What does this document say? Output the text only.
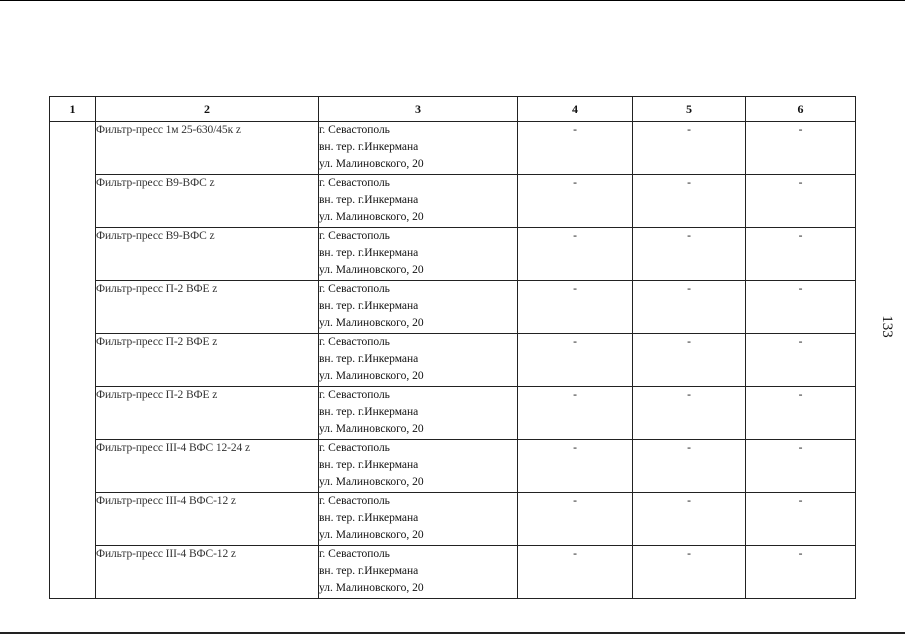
1	2	3	4	5	6
	Фильтр-пресс 1м 25-630/45к z	г. Севастополь
вн. тер. г.Инкермана
ул. Малиновского, 20	-	-	-
	Фильтр-пресс В9-ВФС z	г. Севастополь
вн. тер. г.Инкермана
ул. Малиновского, 20	-	-	-
	Фильтр-пресс В9-ВФС z	г. Севастополь
вн. тер. г.Инкермана
ул. Малиновского, 20	-	-	-
	Фильтр-пресс П-2 ВФЕ z	г. Севастополь
вн. тер. г.Инкермана
ул. Малиновского, 20	-	-	-
	Фильтр-пресс П-2 ВФЕ z	г. Севастополь
вн. тер. г.Инкермана
ул. Малиновского, 20	-	-	-
	Фильтр-пресс П-2 ВФЕ z	г. Севастополь
вн. тер. г.Инкермана
ул. Малиновского, 20	-	-	-
	Фильтр-пресс III-4 ВФС 12-24 z	г. Севастополь
вн. тер. г.Инкермана
ул. Малиновского, 20	-	-	-
	Фильтр-пресс III-4 ВФС-12 z	г. Севастополь
вн. тер. г.Инкермана
ул. Малиновского, 20	-	-	-
	Фильтр-пресс III-4 ВФС-12 z	г. Севастополь
вн. тер. г.Инкермана
ул. Малиновского, 20	-	-	-
133
